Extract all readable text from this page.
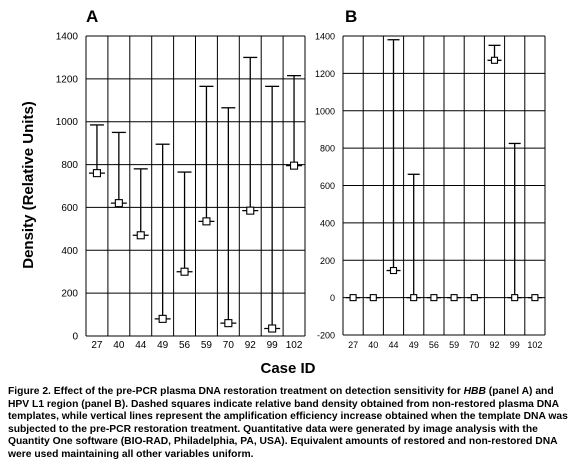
A
0
200
400
600
800
1000
1200
1400
27 40 44 49 56 59 70 92 99 102
B
-200
0
200
400
600
800
1000
1200
1400
27 40 44 49 56 59 70 92 99 102
Density (Relative Units)
Case ID
Figure 2. Effect of the pre-PCR plasma DNA restoration treatment on detection sensitivity for HBB (panel A) and HPV L1 region (panel B). Dashed squares indicate relative band density obtained from non-restored plasma DNA templates, while vertical lines represent the amplification efficiency increase obtained when the template DNA was subjected to the pre-PCR restoration treatment. Quantitative data were generated by image analysis with the Quantity One software (BIO-RAD, Philadelphia, PA, USA). Equivalent amounts of restored and non-restored DNA were used maintaining all other variables uniform.
